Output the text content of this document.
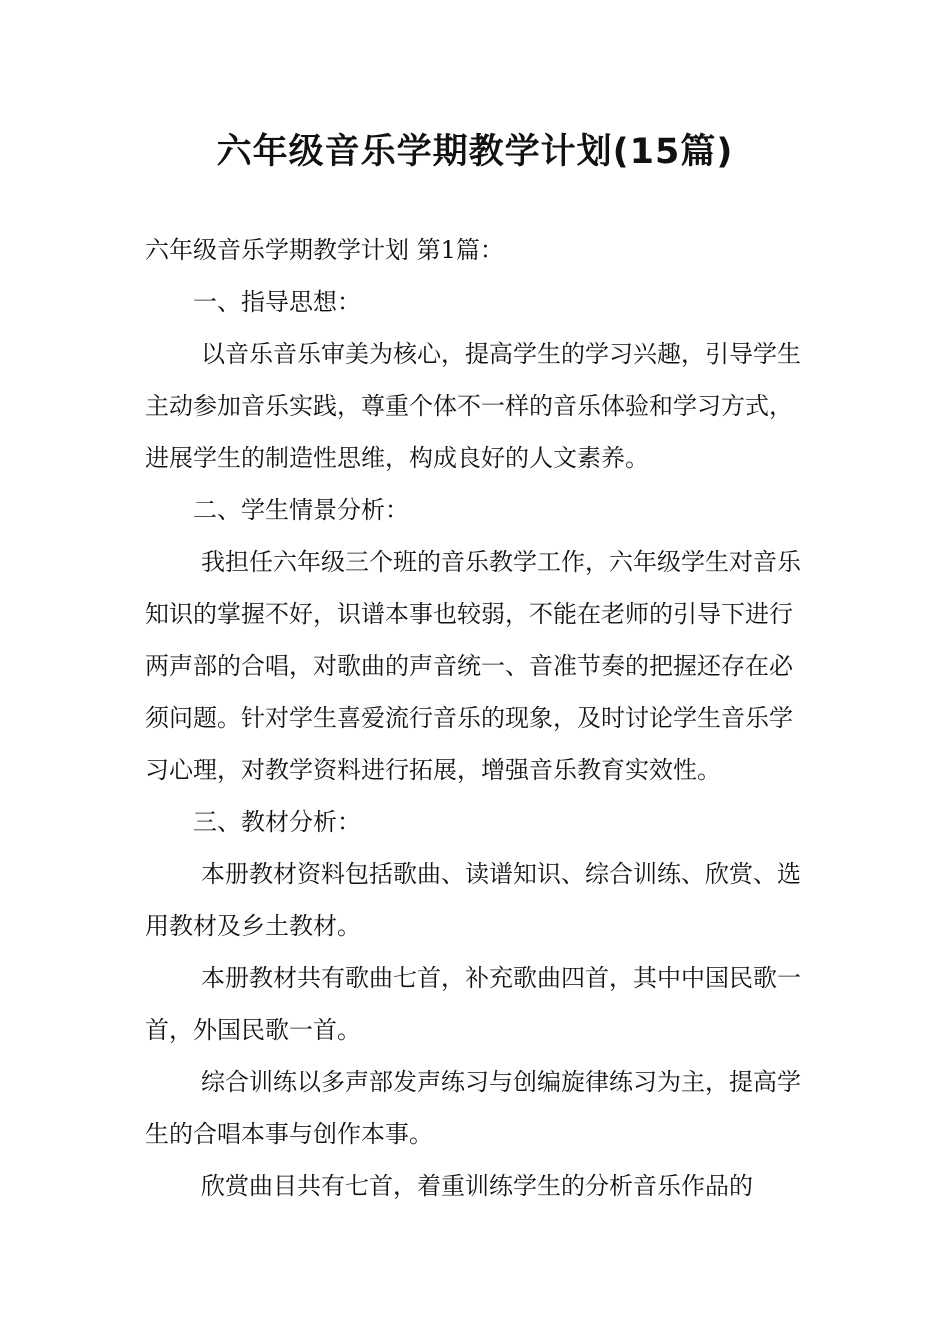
六年级音乐学期教学计划(15篇)

六年级音乐学期教学计划 第1篇：

一、指导思想：

以音乐音乐审美为核心，提高学生的学习兴趣，引导学生主动参加音乐实践，尊重个体不一样的音乐体验和学习方式，进展学生的制造性思维，构成良好的人文素养。

二、学生情景分析：

我担任六年级三个班的音乐教学工作，六年级学生对音乐知识的掌握不好，识谱本事也较弱，不能在老师的引导下进行两声部的合唱，对歌曲的声音统一、音准节奏的把握还存在必须问题。针对学生喜爱流行音乐的现象，及时讨论学生音乐学习心理，对教学资料进行拓展，增强音乐教育实效性。

三、教材分析：

本册教材资料包括歌曲、读谱知识、综合训练、欣赏、选用教材及乡土教材。

本册教材共有歌曲七首，补充歌曲四首，其中中国民歌一首，外国民歌一首。

综合训练以多声部发声练习与创编旋律练习为主，提高学生的合唱本事与创作本事。

欣赏曲目共有七首，着重训练学生的分析音乐作品的
